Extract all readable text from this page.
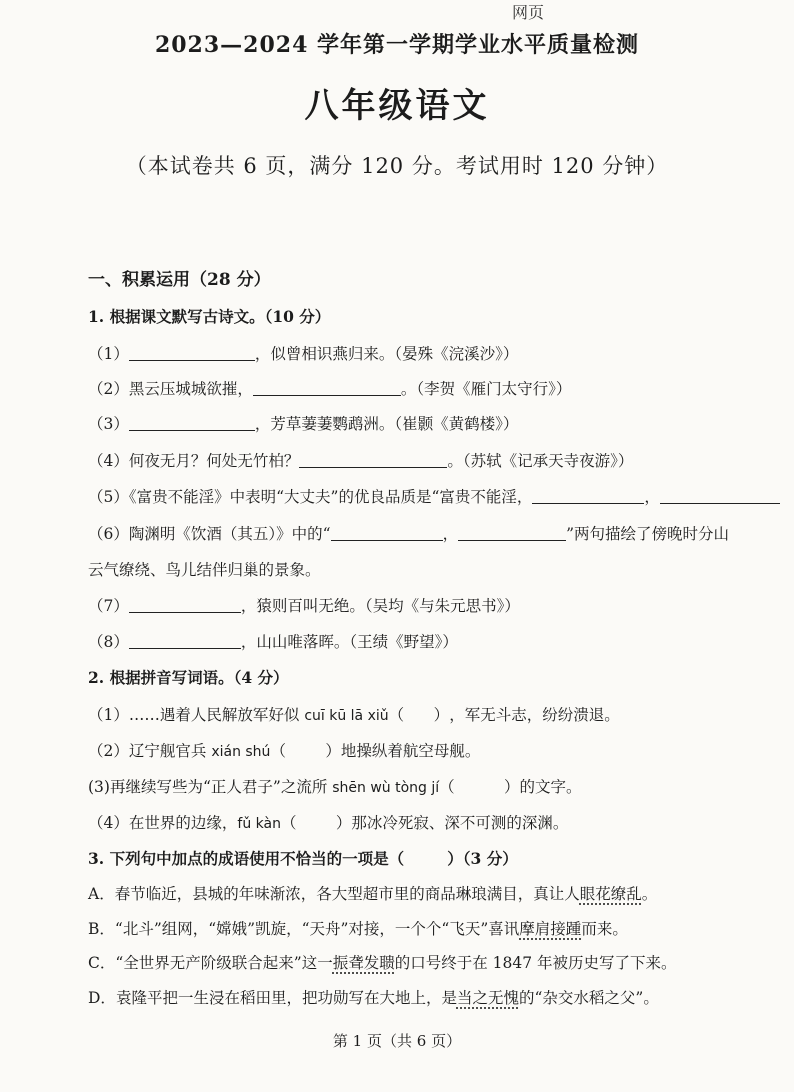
网页
2023—2024 学年第一学期学业水平质量检测
八年级语文
（本试卷共 6 页，满分 120 分。考试用时 120 分钟）
一、积累运用（28 分）
1. 根据课文默写古诗文。（10 分）
（1）	，似曾相识燕归来。（晏殊《浣溪沙》）
（2）黑云压城城欲摧，	。（李贺《雁门太守行》）
（3）	，芳草萋萋鹦鹉洲。（崔颢《黄鹤楼》）
（4）何夜无月？何处无竹柏？	。（苏轼《记承天寺夜游》）
（5）《富贵不能淫》中表明“大丈夫”的优良品质是“富贵不能淫，	，
（6）陶渊明《饮酒（其五）》中的“	，	”两句描绘了傍晚时分山
云气缭绕、鸟儿结伴归巢的景象。
（7）	，猿则百叫无绝。（吴均《与朱元思书》）
（8）	，山山唯落晖。（王绩《野望》）
2. 根据拼音写词语。（4 分）
（1）……遇着人民解放军好似 cuī kū lā xiǔ（      ），军无斗志，纷纷溃退。
（2）辽宁舰官兵 xián shú（        ）地操纵着航空母舰。
(3)再继续写些为“正人君子”之流所 shēn wù tòng jí（          ）的文字。
（4）在世界的边缘，fǔ kàn（        ）那冰冷死寂、深不可测的深渊。
3. 下列句中加点的成语使用不恰当的一项是（	）（3 分）
A．春节临近，县城的年味渐浓，各大型超市里的商品琳琅满目，真让人眼花缭乱。
B．“北斗”组网，“嫦娥”凯旋，“天舟”对接，一个个“飞天”喜讯摩肩接踵而来。
C．“全世界无产阶级联合起来”这一振聋发聩的口号终于在 1847 年被历史写了下来。
D．袁隆平把一生浸在稻田里，把功勋写在大地上，是当之无愧的“杂交水稻之父”。
第 1 页（共 6 页）
